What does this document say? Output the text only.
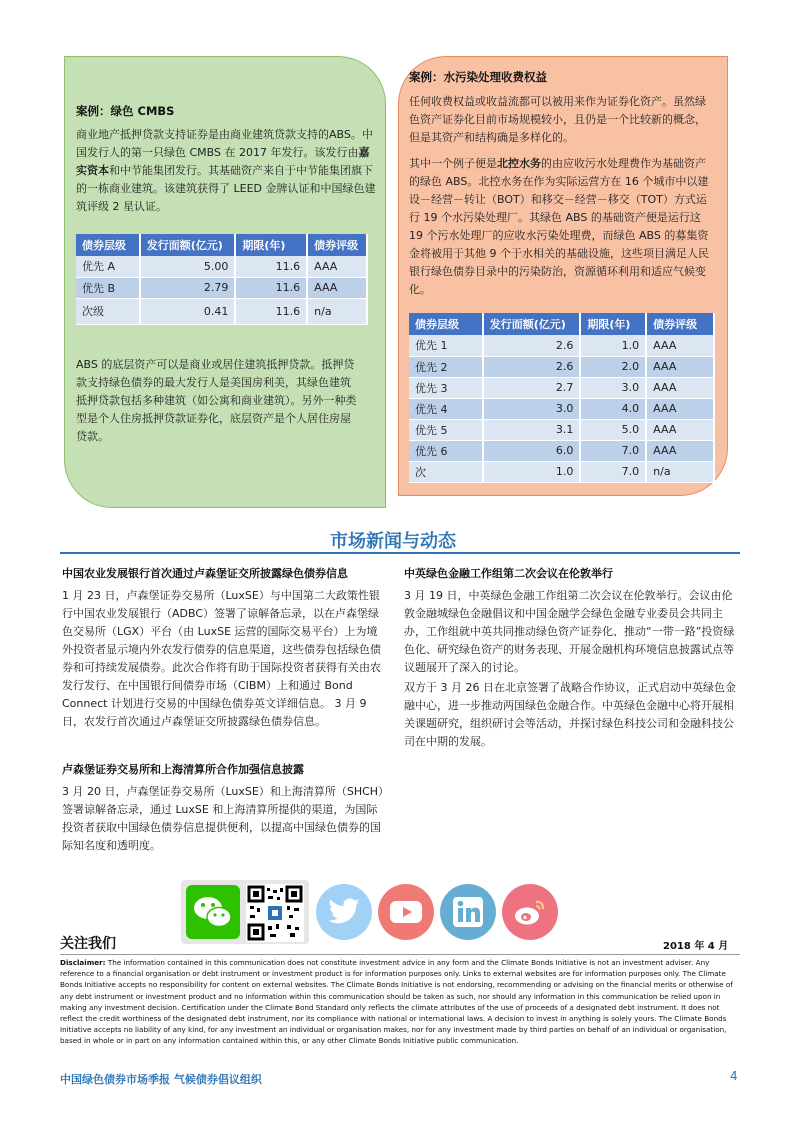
案例：绿色 CMBS
商业地产抵押贷款支持证券是由商业建筑贷款支持的ABS。中国发行人的第一只绿色 CMBS 在 2017 年发行。该发行由嘉实资本和中节能集团发行。其基础资产来自于中节能集团旗下的一栋商业建筑。该建筑获得了 LEED 金牌认证和中国绿色建筑评级 2 星认证。
债券层级	发行面额(亿元)	期限(年)	债券评级
优先 A	5.00	11.6	AAA
优先 B	2.79	11.6	AAA
次级	0.41	11.6	n/a
ABS 的底层资产可以是商业或居住建筑抵押贷款。抵押贷款支持绿色债券的最大发行人是美国房利美，其绿色建筑抵押贷款包括多种建筑（如公寓和商业建筑）。另外一种类型是个人住房抵押贷款证券化，底层资产是个人居住房屋贷款。
案例：水污染处理收费权益
任何收费权益或收益流都可以被用来作为证券化资产。虽然绿色资产证券化目前市场规模较小，且仍是一个比较新的概念，但是其资产和结构确是多样化的。
其中一个例子便是北控水务的由应收污水处理费作为基础资产的绿色 ABS。北控水务在作为实际运营方在 16 个城市中以建设－经营－转让（BOT）和移交－经营－移交（TOT）方式运行 19 个水污染处理厂。其绿色 ABS 的基础资产便是运行这 19 个污水处理厂的应收水污染处理费，而绿色 ABS 的募集资金将被用于其他 9 个于水相关的基础设施，这些项目满足人民银行绿色债券目录中的污染防治，资源循环利用和适应气候变化。
债券层级	发行面额(亿元)	期限(年)	债券评级
优先 1	2.6	1.0	AAA
优先 2	2.6	2.0	AAA
优先 3	2.7	3.0	AAA
优先 4	3.0	4.0	AAA
优先 5	3.1	5.0	AAA
优先 6	6.0	7.0	AAA
次	1.0	7.0	n/a
市场新闻与动态
中国农业发展银行首次通过卢森堡证交所披露绿色债券信息
1 月 23 日，卢森堡证券交易所（LuxSE）与中国第二大政策性银行中国农业发展银行（ADBC）签署了谅解备忘录，以在卢森堡绿色交易所（LGX）平台（由 LuxSE 运营的国际交易平台）上为境外投资者显示境内外农发行债券的信息渠道，这些债券包括绿色债券和可持续发展债券。此次合作将有助于国际投资者获得有关由农发行发行、在中国银行间债券市场（CIBM）上和通过 Bond Connect 计划进行交易的中国绿色债券英文详细信息。 3 月 9 日，农发行首次通过卢森堡证交所披露绿色债券信息。
卢森堡证券交易所和上海清算所合作加强信息披露
3 月 20 日，卢森堡证券交易所（LuxSE）和上海清算所（SHCH）签署谅解备忘录，通过 LuxSE 和上海清算所提供的渠道，为国际投资者获取中国绿色债券信息提供便利，以提高中国绿色债券的国际知名度和透明度。
中英绿色金融工作组第二次会议在伦敦举行
3 月 19 日，中英绿色金融工作组第二次会议在伦敦举行。会议由伦敦金融城绿色金融倡议和中国金融学会绿色金融专业委员会共同主办，工作组就中英共同推动绿色资产证券化、推动“一带一路”投资绿色化、研究绿色资产的财务表现、开展金融机构环境信息披露试点等议题展开了深入的讨论。
双方于 3 月 26 日在北京签署了战略合作协议，正式启动中英绿色金融中心，进一步推动两国绿色金融合作。中英绿色金融中心将开展相关课题研究，组织研讨会等活动，并探讨绿色科技公司和金融科技公司在中期的发展。
关注我们	2018 年 4 月
Disclaimer: The information contained in this communication does not constitute investment advice in any form and the Climate Bonds Initiative is not an investment adviser. Any reference to a financial organisation or debt instrument or investment product is for information purposes only. Links to external websites are for information purposes only. The Climate Bonds Initiative accepts no responsibility for content on external websites. The Climate Bonds Initiative is not endorsing, recommending or advising on the financial merits or otherwise of any debt instrument or investment product and no information within this communication should be taken as such, nor should any information in this communication be relied upon in making any investment decision. Certification under the Climate Bond Standard only reflects the climate attributes of the use of proceeds of a designated debt instrument. It does not reflect the credit worthiness of the designated debt instrument, nor its compliance with national or international laws. A decision to invest in anything is solely yours. The Climate Bonds Initiative accepts no liability of any kind, for any investment an individual or organisation makes, nor for any investment made by third parties on behalf of an individual or organisation, based in whole or in part on any information contained within this, or any other Climate Bonds Initiative public communication.
中国绿色债券市场季报 气候债券倡议组织	4
